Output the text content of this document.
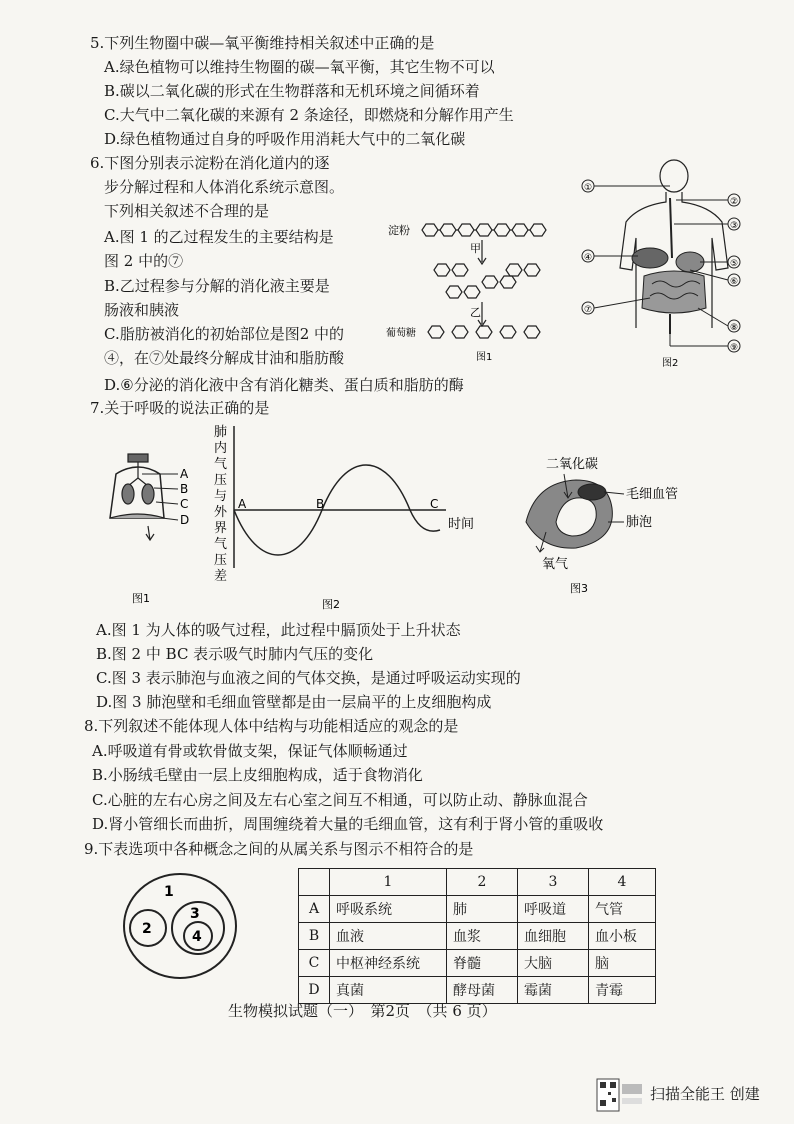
5.下列生物圈中碳—氧平衡维持相关叙述中正确的是
A.绿色植物可以维持生物圈的碳—氧平衡，其它生物不可以
B.碳以二氧化碳的形式在生物群落和无机环境之间循环着
C.大气中二氧化碳的来源有 2 条途径，即燃烧和分解作用产生
D.绿色植物通过自身的呼吸作用消耗大气中的二氧化碳
6.下图分别表示淀粉在消化道内的逐
步分解过程和人体消化系统示意图。
下列相关叙述不合理的是
A.图 1 的乙过程发生的主要结构是
图 2 中的⑦
B.乙过程参与分解的消化液主要是
肠液和胰液
C.脂肪被消化的初始部位是图2 中的
④，在⑦处最终分解成甘油和脂肪酸
D.⑥分泌的消化液中含有消化糖类、蛋白质和脂肪的酶
淀粉
甲
乙
葡萄糖
图1
①
②
③
④
⑤
⑥
⑦
⑧
⑨
图2
7.关于呼吸的说法正确的是
A
B
C
D
图1
肺
内
气
压
与
外
界
气
压
差
A	B	C
时间
图2
二氧化碳
毛细血管
肺泡
氧气
图3
A.图 1 为人体的吸气过程，此过程中膈顶处于上升状态
B.图 2 中 BC 表示吸气时肺内气压的变化
C.图 3 表示肺泡与血液之间的气体交换，是通过呼吸运动实现的
D.图 3 肺泡壁和毛细血管壁都是由一层扁平的上皮细胞构成
8.下列叙述不能体现人体中结构与功能相适应的观念的是
A.呼吸道有骨或软骨做支架，保证气体顺畅通过
B.小肠绒毛壁由一层上皮细胞构成，适于食物消化
C.心脏的左右心房之间及左右心室之间互不相通，可以防止动、静脉血混合
D.肾小管细长而曲折，周围缠绕着大量的毛细血管，这有利于肾小管的重吸收
9.下表选项中各种概念之间的从属关系与图示不相符合的是
1
2
3
4
	1	2	3	4
A	呼吸系统	肺	呼吸道	气管
B	血液	血浆	血细胞	血小板
C	中枢神经系统	脊髓	大脑	脑
D	真菌	酵母菌	霉菌	青霉
生物模拟试题（一）　第2页　（共 6 页）
扫描全能王 创建
